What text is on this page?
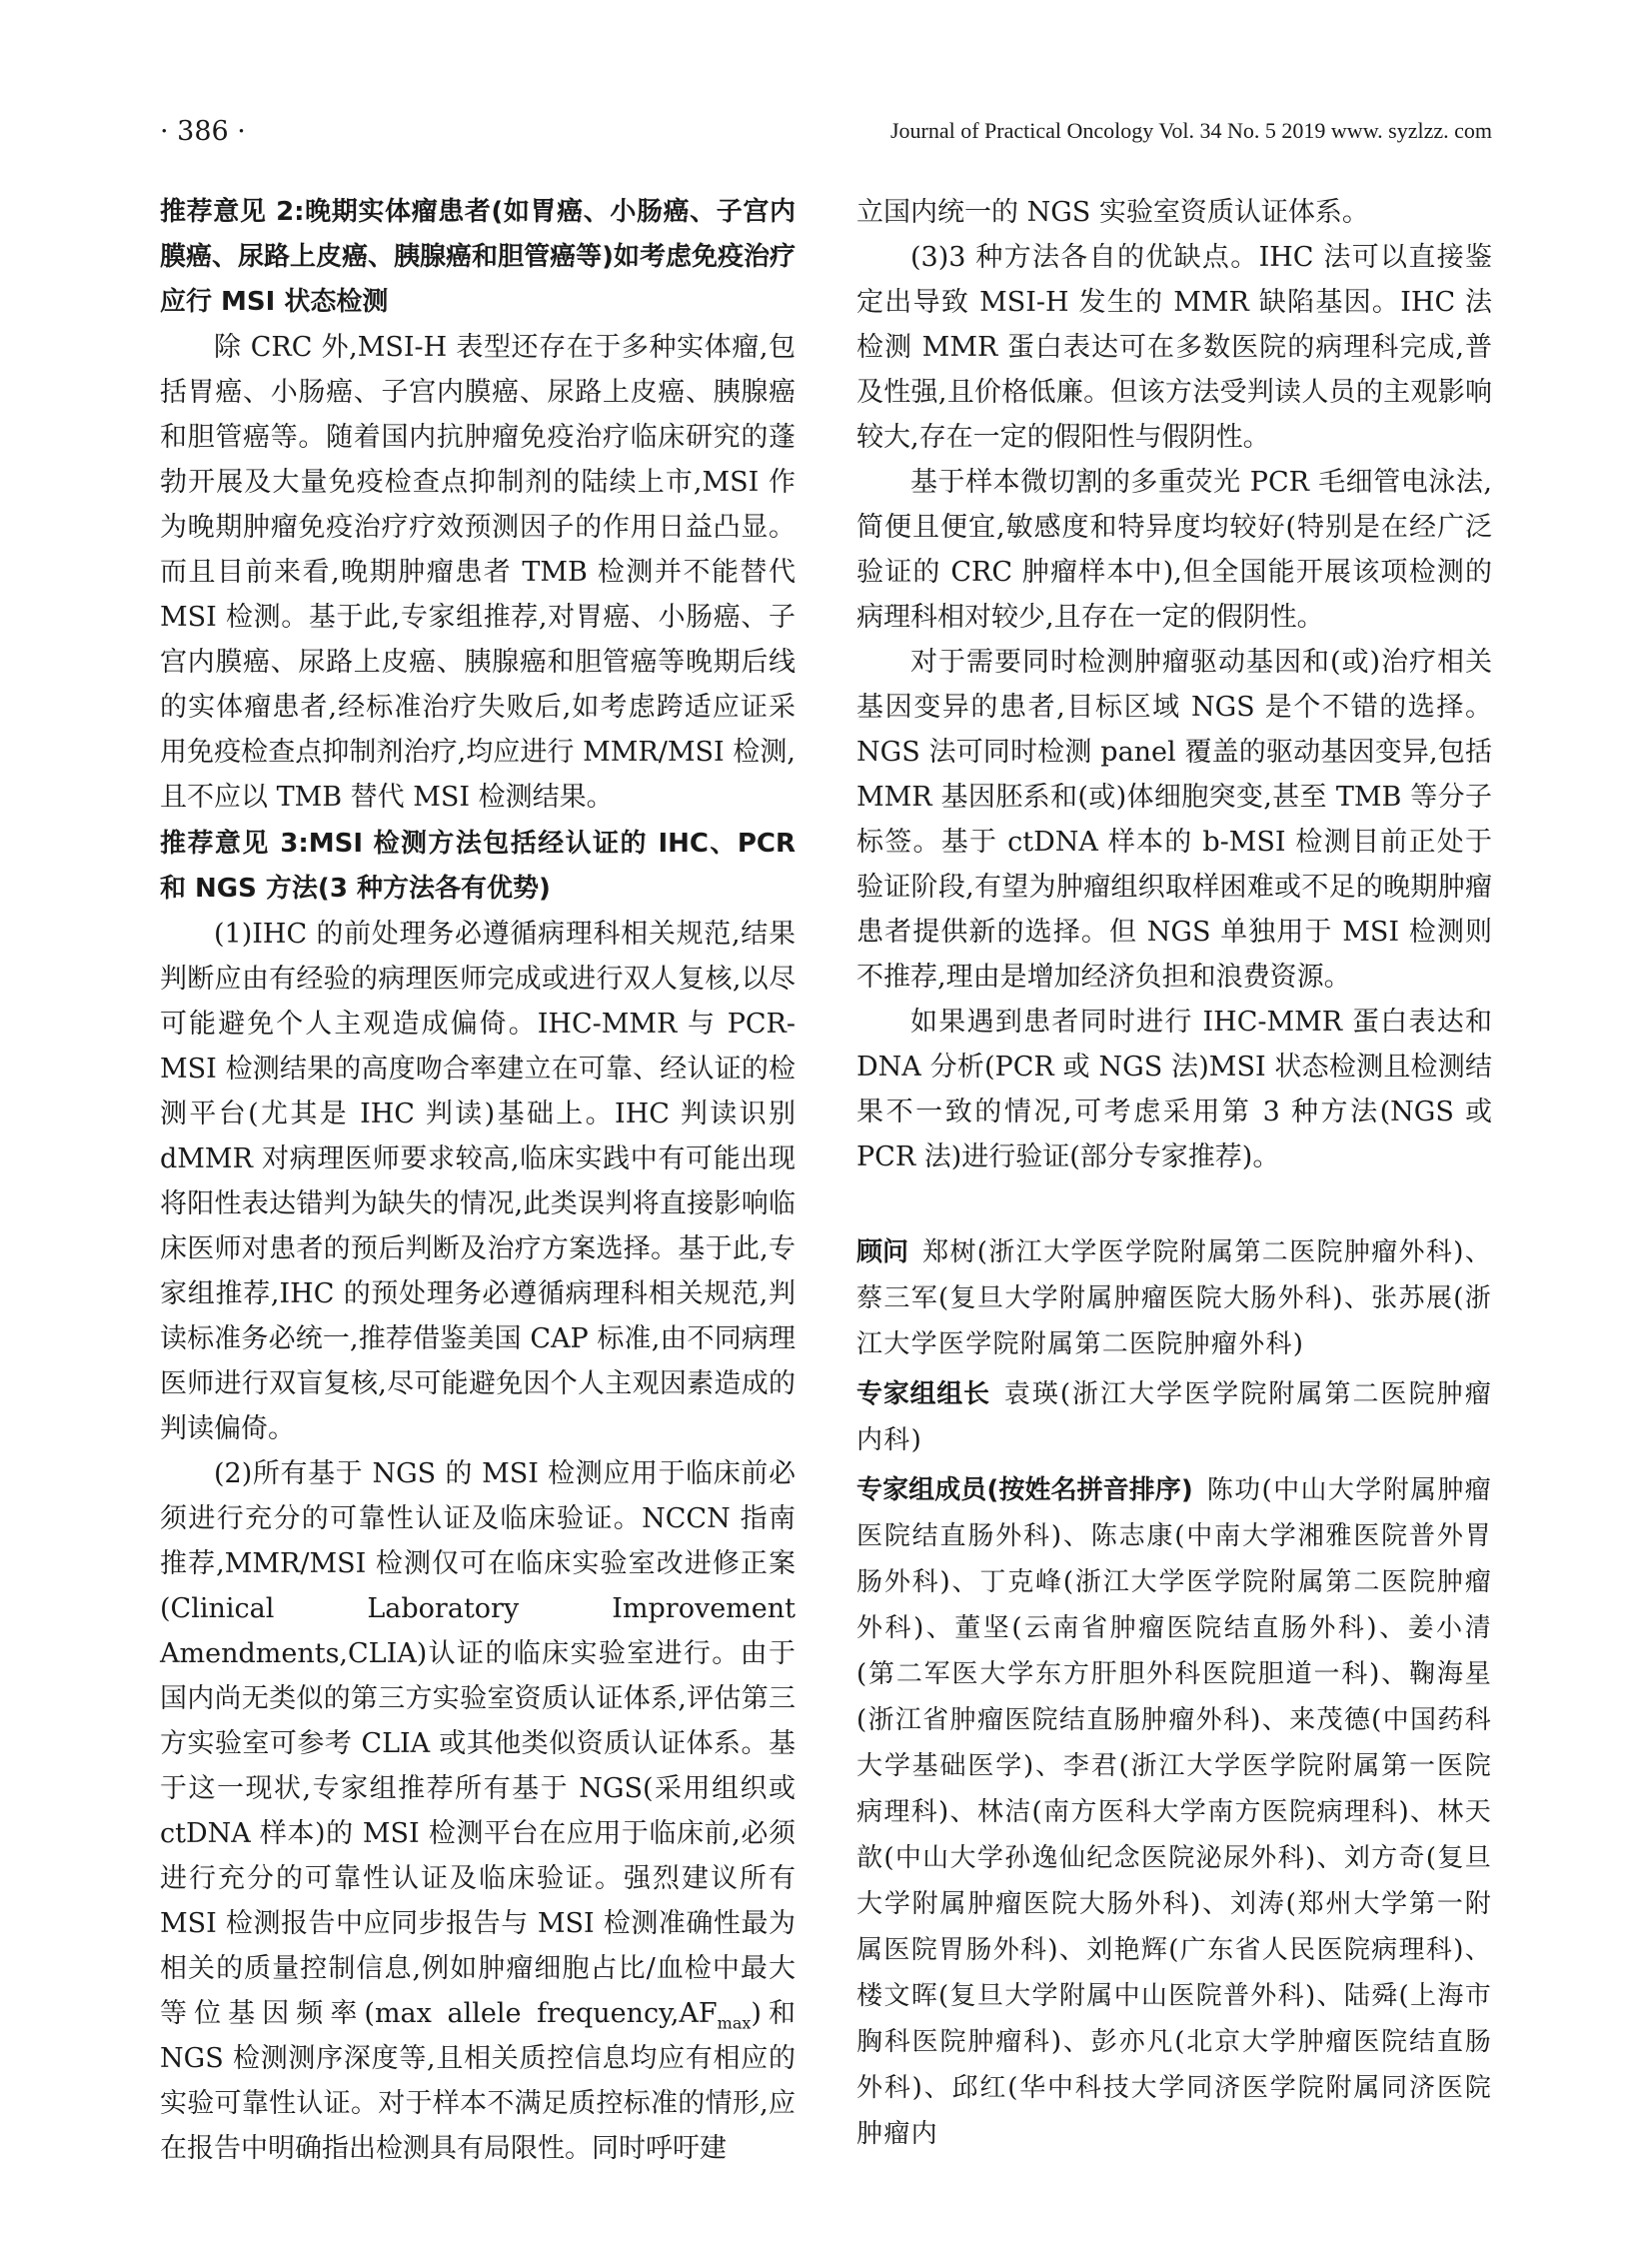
· 386 ·	Journal of Practical Oncology Vol. 34 No. 5 2019 www. syzlzz. com

推荐意见 2:晚期实体瘤患者(如胃癌、小肠癌、子宫内膜癌、尿路上皮癌、胰腺癌和胆管癌等)如考虑免疫治疗应行 MSI 状态检测

除 CRC 外,MSI-H 表型还存在于多种实体瘤,包括胃癌、小肠癌、子宫内膜癌、尿路上皮癌、胰腺癌和胆管癌等。随着国内抗肿瘤免疫治疗临床研究的蓬勃开展及大量免疫检查点抑制剂的陆续上市,MSI 作为晚期肿瘤免疫治疗疗效预测因子的作用日益凸显。而且目前来看,晚期肿瘤患者 TMB 检测并不能替代 MSI 检测。基于此,专家组推荐,对胃癌、小肠癌、子宫内膜癌、尿路上皮癌、胰腺癌和胆管癌等晚期后线的实体瘤患者,经标准治疗失败后,如考虑跨适应证采用免疫检查点抑制剂治疗,均应进行 MMR/MSI 检测,且不应以 TMB 替代 MSI 检测结果。

推荐意见 3:MSI 检测方法包括经认证的 IHC、PCR 和 NGS 方法(3 种方法各有优势)

(1)IHC 的前处理务必遵循病理科相关规范,结果判断应由有经验的病理医师完成或进行双人复核,以尽可能避免个人主观造成偏倚。IHC-MMR 与 PCR-MSI 检测结果的高度吻合率建立在可靠、经认证的检测平台(尤其是 IHC 判读)基础上。IHC 判读识别 dMMR 对病理医师要求较高,临床实践中有可能出现将阳性表达错判为缺失的情况,此类误判将直接影响临床医师对患者的预后判断及治疗方案选择。基于此,专家组推荐,IHC 的预处理务必遵循病理科相关规范,判读标准务必统一,推荐借鉴美国 CAP 标准,由不同病理医师进行双盲复核,尽可能避免因个人主观因素造成的判读偏倚。

(2)所有基于 NGS 的 MSI 检测应用于临床前必须进行充分的可靠性认证及临床验证。NCCN 指南推荐,MMR/MSI 检测仅可在临床实验室改进修正案(Clinical Laboratory Improvement Amendments,CLIA)认证的临床实验室进行。由于国内尚无类似的第三方实验室资质认证体系,评估第三方实验室可参考 CLIA 或其他类似资质认证体系。基于这一现状,专家组推荐所有基于 NGS(采用组织或 ctDNA 样本)的 MSI 检测平台在应用于临床前,必须进行充分的可靠性认证及临床验证。强烈建议所有 MSI 检测报告中应同步报告与 MSI 检测准确性最为相关的质量控制信息,例如肿瘤细胞占比/血检中最大等位基因频率(max allele $frequency,AF_{max}$)和 NGS 检测测序深度等,且相关质控信息均应有相应的实验可靠性认证。对于样本不满足质控标准的情形,应在报告中明确指出检测具有局限性。同时呼吁建

立国内统一的 NGS 实验室资质认证体系。

(3)3 种方法各自的优缺点。IHC 法可以直接鉴定出导致 MSI-H 发生的 MMR 缺陷基因。IHC 法检测 MMR 蛋白表达可在多数医院的病理科完成,普及性强,且价格低廉。但该方法受判读人员的主观影响较大,存在一定的假阳性与假阴性。

基于样本微切割的多重荧光 PCR 毛细管电泳法,简便且便宜,敏感度和特异度均较好(特别是在经广泛验证的 CRC 肿瘤样本中),但全国能开展该项检测的病理科相对较少,且存在一定的假阴性。

对于需要同时检测肿瘤驱动基因和(或)治疗相关基因变异的患者,目标区域 NGS 是个不错的选择。NGS 法可同时检测 panel 覆盖的驱动基因变异,包括 MMR 基因胚系和(或)体细胞突变,甚至 TMB 等分子标签。基于 ctDNA 样本的 b-MSI 检测目前正处于验证阶段,有望为肿瘤组织取样困难或不足的晚期肿瘤患者提供新的选择。但 NGS 单独用于 MSI 检测则不推荐,理由是增加经济负担和浪费资源。

如果遇到患者同时进行 IHC-MMR 蛋白表达和 DNA 分析(PCR 或 NGS 法)MSI 状态检测且检测结果不一致的情况,可考虑采用第 3 种方法(NGS 或 PCR 法)进行验证(部分专家推荐)。

顾问 郑树(浙江大学医学院附属第二医院肿瘤外科)、蔡三军(复旦大学附属肿瘤医院大肠外科)、张苏展(浙江大学医学院附属第二医院肿瘤外科)

专家组组长 袁瑛(浙江大学医学院附属第二医院肿瘤内科)

专家组成员(按姓名拼音排序) 陈功(中山大学附属肿瘤医院结直肠外科)、陈志康(中南大学湘雅医院普外胃肠外科)、丁克峰(浙江大学医学院附属第二医院肿瘤外科)、董坚(云南省肿瘤医院结直肠外科)、姜小清(第二军医大学东方肝胆外科医院胆道一科)、鞠海星(浙江省肿瘤医院结直肠肿瘤外科)、来茂德(中国药科大学基础医学)、李君(浙江大学医学院附属第一医院病理科)、林洁(南方医科大学南方医院病理科)、林天歆(中山大学孙逸仙纪念医院泌尿外科)、刘方奇(复旦大学附属肿瘤医院大肠外科)、刘涛(郑州大学第一附属医院胃肠外科)、刘艳辉(广东省人民医院病理科)、楼文晖(复旦大学附属中山医院普外科)、陆舜(上海市胸科医院肿瘤科)、彭亦凡(北京大学肿瘤医院结直肠外科)、邱红(华中科技大学同济医学院附属同济医院肿瘤内
